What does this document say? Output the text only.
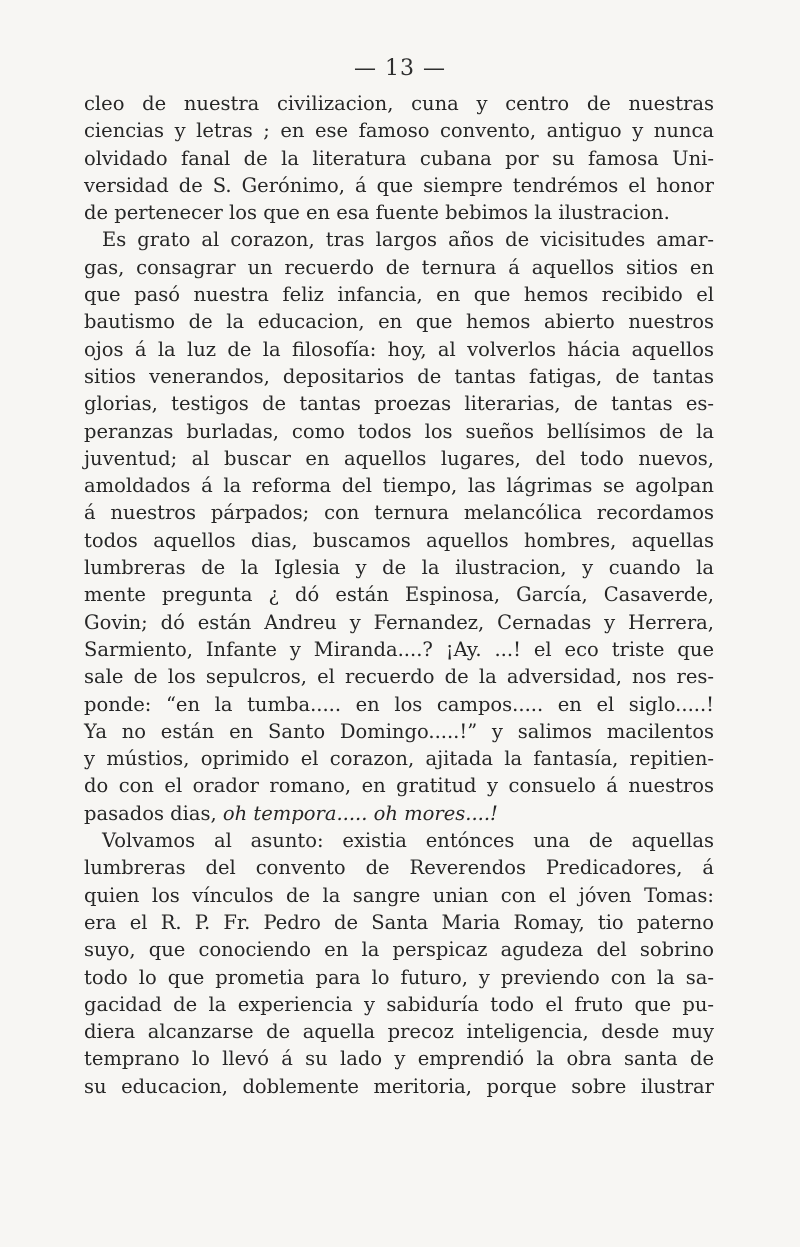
— 13 —
cleo de nuestra civilizacion, cuna y centro de nuestras
ciencias y letras ; en ese famoso convento, antiguo y nunca
olvidado fanal de la literatura cubana por su famosa Uni-
versidad de S. Gerónimo, á que siempre tendrémos el honor
de pertenecer los que en esa fuente bebimos la ilustracion.
Es grato al corazon, tras largos años de vicisitudes amar-
gas, consagrar un recuerdo de ternura á aquellos sitios en
que pasó nuestra feliz infancia, en que hemos recibido el
bautismo de la educacion, en que hemos abierto nuestros
ojos á la luz de la filosofía: hoy, al volverlos hácia aquellos
sitios venerandos, depositarios de tantas fatigas, de tantas
glorias, testigos de tantas proezas literarias, de tantas es-
peranzas burladas, como todos los sueños bellísimos de la
juventud; al buscar en aquellos lugares, del todo nuevos,
amoldados á la reforma del tiempo, las lágrimas se agolpan
á nuestros párpados; con ternura melancólica recordamos
todos aquellos dias, buscamos aquellos hombres, aquellas
lumbreras de la Iglesia y de la ilustracion, y cuando la
mente pregunta ¿ dó están Espinosa, García, Casaverde,
Govin; dó están Andreu y Fernandez, Cernadas y Herrera,
Sarmiento, Infante y Miranda....? ¡Ay. ...! el eco triste que
sale de los sepulcros, el recuerdo de la adversidad, nos res-
ponde: “en la tumba..... en los campos..... en el siglo.....!
Ya no están en Santo Domingo.....!” y salimos macilentos
y mústios, oprimido el corazon, ajitada la fantasía, repitien-
do con el orador romano, en gratitud y consuelo á nuestros
pasados dias, oh tempora..... oh mores....!
Volvamos al asunto: existia entónces una de aquellas
lumbreras del convento de Reverendos Predicadores, á
quien los vínculos de la sangre unian con el jóven Tomas:
era el R. P. Fr. Pedro de Santa Maria Romay, tio paterno
suyo, que conociendo en la perspicaz agudeza del sobrino
todo lo que prometia para lo futuro, y previendo con la sa-
gacidad de la experiencia y sabiduría todo el fruto que pu-
diera alcanzarse de aquella precoz inteligencia, desde muy
temprano lo llevó á su lado y emprendió la obra santa de
su educacion, doblemente meritoria, porque sobre ilustrar
